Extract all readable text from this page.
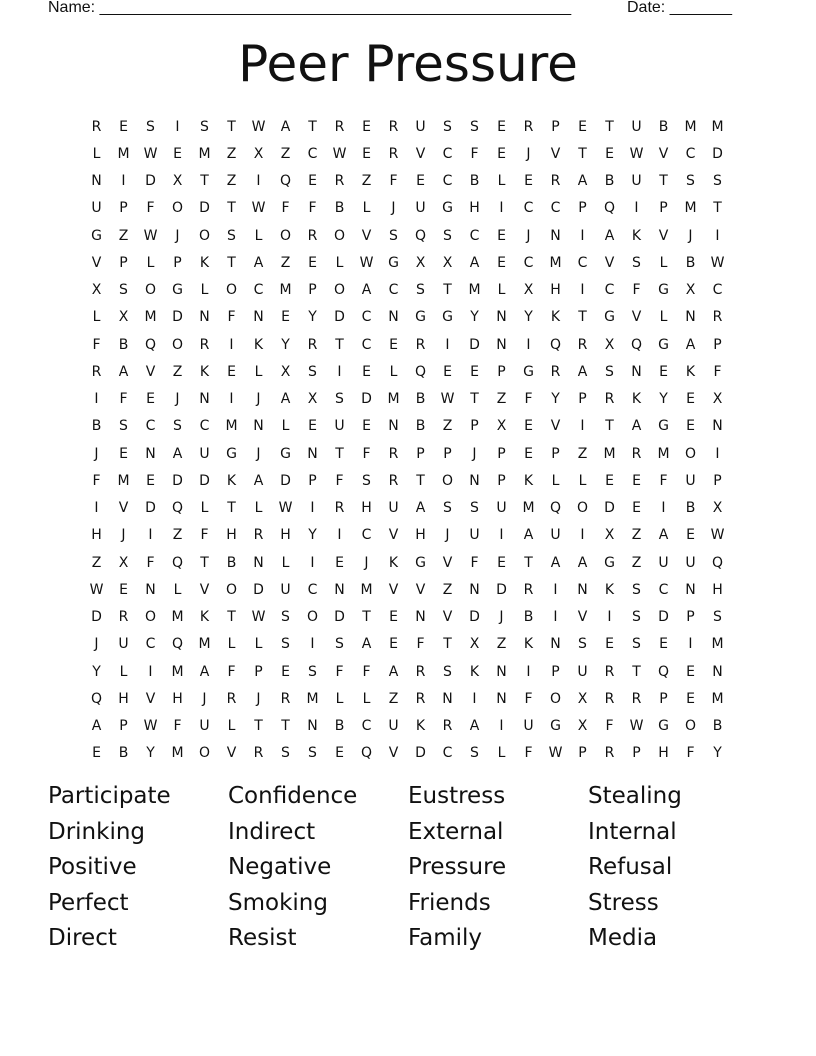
Name: _____________________________________________________	Date: _______
Peer Pressure
R	E	S	I	S	T	W	A	T	R	E	R	U	S	S	E	R	P	E	T	U	B	M	M
L	M	W	E	M	Z	X	Z	C	W	E	R	V	C	F	E	J	V	T	E	W	V	C	D
N	I	D	X	T	Z	I	Q	E	R	Z	F	E	C	B	L	E	R	A	B	U	T	S	S
U	P	F	O	D	T	W	F	F	B	L	J	U	G	H	I	C	C	P	Q	I	P	M	T
G	Z	W	J	O	S	L	O	R	O	V	S	Q	S	C	E	J	N	I	A	K	V	J	I
V	P	L	P	K	T	A	Z	E	L	W	G	X	X	A	E	C	M	C	V	S	L	B	W
X	S	O	G	L	O	C	M	P	O	A	C	S	T	M	L	X	H	I	C	F	G	X	C
L	X	M	D	N	F	N	E	Y	D	C	N	G	G	Y	N	Y	K	T	G	V	L	N	R
F	B	Q	O	R	I	K	Y	R	T	C	E	R	I	D	N	I	Q	R	X	Q	G	A	P
R	A	V	Z	K	E	L	X	S	I	E	L	Q	E	E	P	G	R	A	S	N	E	K	F
I	F	E	J	N	I	J	A	X	S	D	M	B	W	T	Z	F	Y	P	R	K	Y	E	X
B	S	C	S	C	M	N	L	E	U	E	N	B	Z	P	X	E	V	I	T	A	G	E	N
J	E	N	A	U	G	J	G	N	T	F	R	P	P	J	P	E	P	Z	M	R	M	O	I
F	M	E	D	D	K	A	D	P	F	S	R	T	O	N	P	K	L	L	E	E	F	U	P
I	V	D	Q	L	T	L	W	I	R	H	U	A	S	S	U	M	Q	O	D	E	I	B	X
H	J	I	Z	F	H	R	H	Y	I	C	V	H	J	U	I	A	U	I	X	Z	A	E	W
Z	X	F	Q	T	B	N	L	I	E	J	K	G	V	F	E	T	A	A	G	Z	U	U	Q
W	E	N	L	V	O	D	U	C	N	M	V	V	Z	N	D	R	I	N	K	S	C	N	H
D	R	O	M	K	T	W	S	O	D	T	E	N	V	D	J	B	I	V	I	S	D	P	S
J	U	C	Q	M	L	L	S	I	S	A	E	F	T	X	Z	K	N	S	E	S	E	I	M
Y	L	I	M	A	F	P	E	S	F	F	A	R	S	K	N	I	P	U	R	T	Q	E	N
Q	H	V	H	J	R	J	R	M	L	L	Z	R	N	I	N	F	O	X	R	R	P	E	M
A	P	W	F	U	L	T	T	N	B	C	U	K	R	A	I	U	G	X	F	W	G	O	B
E	B	Y	M	O	V	R	S	S	E	Q	V	D	C	S	L	F	W	P	R	P	H	F	Y
Participate	Confidence	Eustress	Stealing
Drinking	Indirect	External	Internal
Positive	Negative	Pressure	Refusal
Perfect	Smoking	Friends	Stress
Direct	Resist	Family	Media
